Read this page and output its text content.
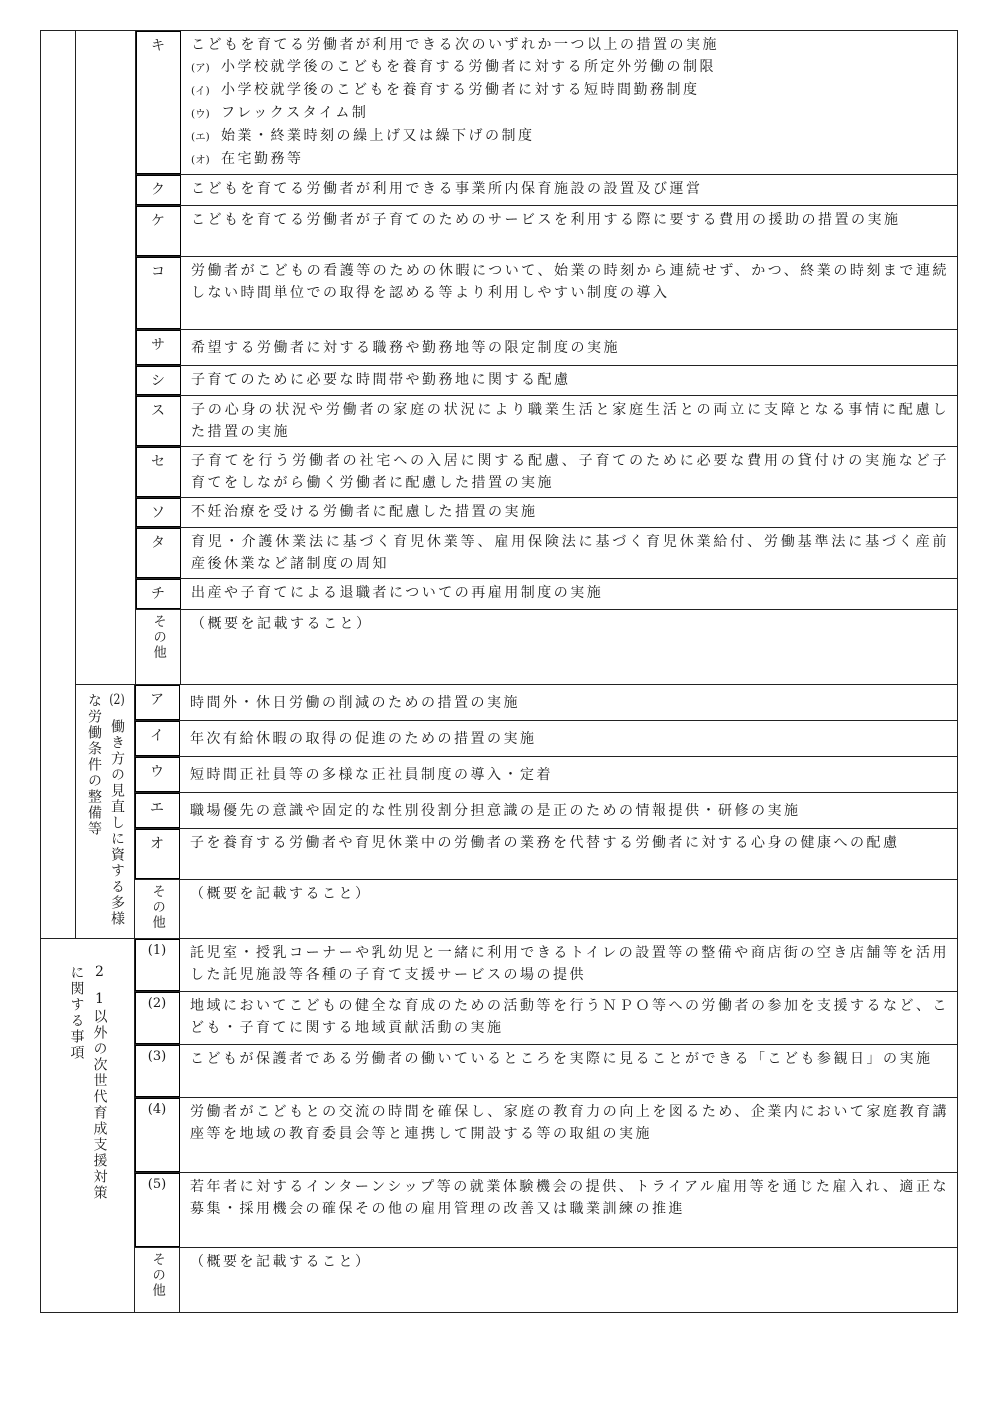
キ こどもを育てる労働者が利用できる次のいずれか一つ以上の措置の実施
(ア) 小学校就学後のこどもを養育する労働者に対する所定外労働の制限
(イ) 小学校就学後のこどもを養育する労働者に対する短時間勤務制度
(ウ) フレックスタイム制
(エ) 始業・終業時刻の繰上げ又は繰下げの制度
(オ) 在宅勤務等
ク	こどもを育てる労働者が利用できる事業所内保育施設の設置及び運営
ケ	こどもを育てる労働者が子育てのためのサービスを利用する際に要する費用の援助の措置の実施
コ	労働者がこどもの看護等のための休暇について、始業の時刻から連続せず、かつ、終業の時刻まで連続しない時間単位での取得を認める等より利用しやすい制度の導入
サ	希望する労働者に対する職務や勤務地等の限定制度の実施
シ	子育てのために必要な時間帯や勤務地に関する配慮
ス	子の心身の状況や労働者の家庭の状況により職業生活と家庭生活との両立に支障となる事情に配慮した措置の実施
セ	子育てを行う労働者の社宅への入居に関する配慮、子育てのために必要な費用の貸付けの実施など子育てをしながら働く労働者に配慮した措置の実施
ソ	不妊治療を受ける労働者に配慮した措置の実施
タ	育児・介護休業法に基づく育児休業等、雇用保険法に基づく育児休業給付、労働基準法に基づく産前産後休業など諸制度の周知
チ	出産や子育てによる退職者についての再雇用制度の実施
その他	（概要を記載すること）
(2)働き方の見直しに資する多様な労働条件の整備等	ア	時間外・休日労働の削減のための措置の実施
イ	年次有給休暇の取得の促進のための措置の実施
ウ	短時間正社員等の多様な正社員制度の導入・定着
エ	職場優先の意識や固定的な性別役割分担意識の是正のための情報提供・研修の実施
オ	子を養育する労働者や育児休業中の労働者の業務を代替する労働者に対する心身の健康への配慮
その他	（概要を記載すること）
21以外の次世代育成支援対策に関する事項
(1)	託児室・授乳コーナーや乳幼児と一緒に利用できるトイレの設置等の整備や商店街の空き店舗等を活用した託児施設等各種の子育て支援サービスの場の提供
(2)	地域においてこどもの健全な育成のための活動等を行うＮＰＯ等への労働者の参加を支援するなど、こども・子育てに関する地域貢献活動の実施
(3)	こどもが保護者である労働者の働いているところを実際に見ることができる「こども参観日」の実施
(4)	労働者がこどもとの交流の時間を確保し、家庭の教育力の向上を図るため、企業内において家庭教育講座等を地域の教育委員会等と連携して開設する等の取組の実施
(5)	若年者に対するインターンシップ等の就業体験機会の提供、トライアル雇用等を通じた雇入れ、適正な募集・採用機会の確保その他の雇用管理の改善又は職業訓練の推進
その他	（概要を記載すること）
